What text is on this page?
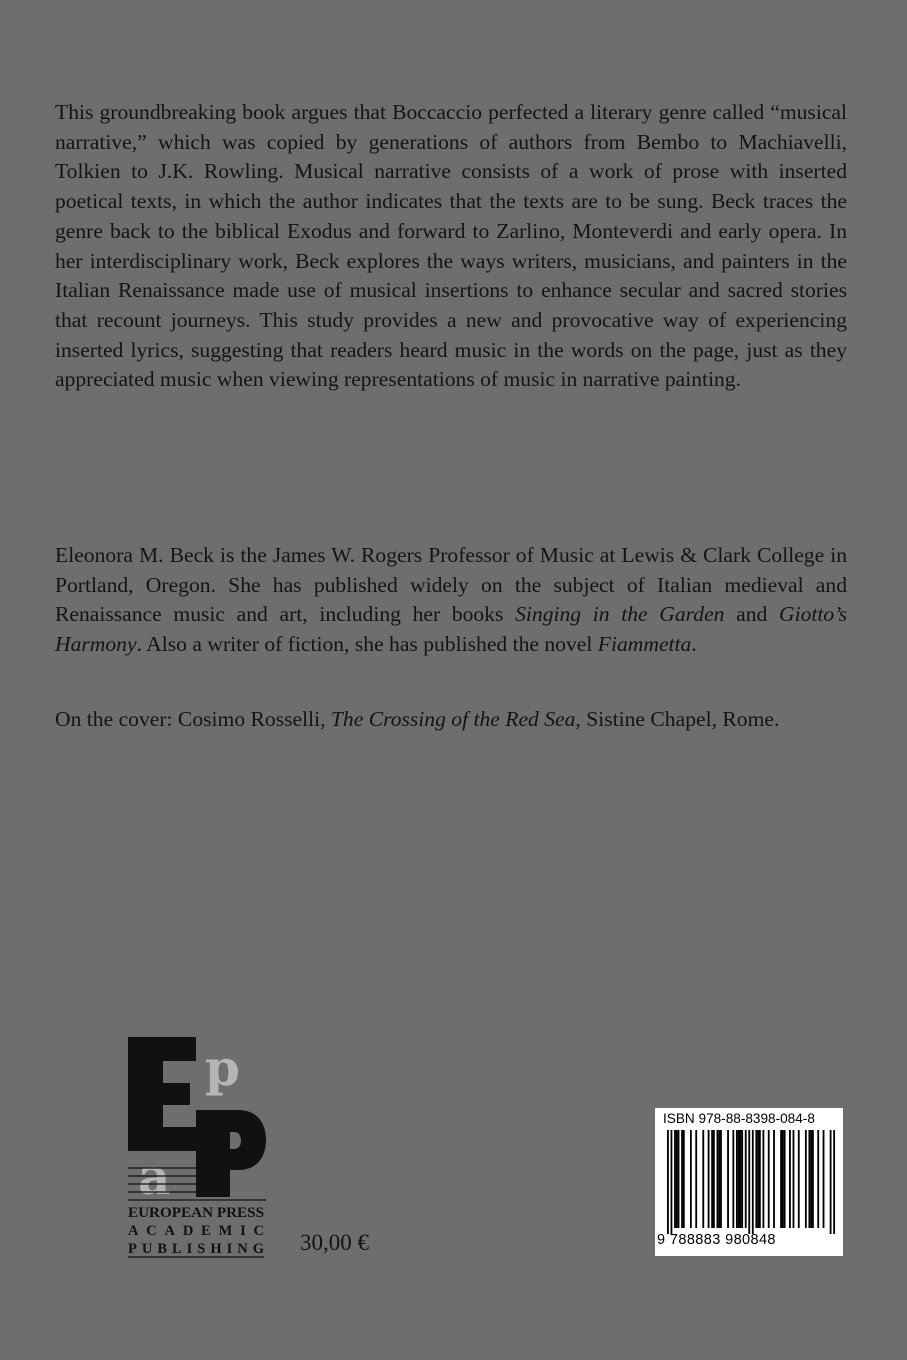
This groundbreaking book argues that Boccaccio perfected a literary genre called “musical narrative,” which was copied by generations of authors from Bembo to Machiavelli, Tolkien to J.K. Rowling. Musical narrative consists of a work of prose with inserted poetical texts, in which the author indicates that the texts are to be sung. Beck traces the genre back to the biblical Exodus and forward to Zarlino, Monteverdi and early opera. In her interdisciplinary work, Beck explores the ways writers, musicians, and painters in the Italian Renaissance made use of musical insertions to enhance secular and sacred stories that recount journeys. This study provides a new and provocative way of experiencing inserted lyrics, suggesting that readers heard music in the words on the page, just as they appreciated music when viewing representations of music in narrative painting.
Eleonora M. Beck is the James W. Rogers Professor of Music at Lewis & Clark College in Portland, Oregon. She has published widely on the subject of Italian medieval and Renaissance music and art, including her books Singing in the Garden and Giotto’s Harmony. Also a writer of fiction, she has published the novel Fiammetta.
On the cover: Cosimo Rosselli, The Crossing of the Red Sea, Sistine Chapel, Rome.
p
a
EUROPEAN PRESS
ACADEMIC
PUBLISHING 30,00 €
ISBN 978-88-8398-084-8
9 788883 980848
